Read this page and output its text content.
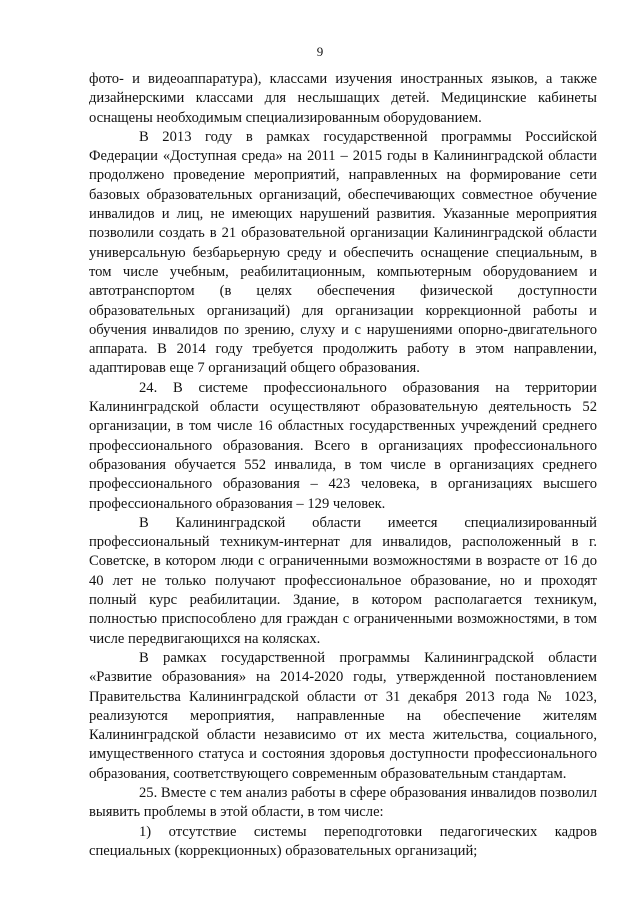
9

фото- и видеоаппаратура), классами изучения иностранных языков, а также дизайнерскими классами для неслышащих детей. Медицинские кабинеты оснащены необходимым специализированным оборудованием.

В 2013 году в рамках государственной программы Российской Федерации «Доступная среда» на 2011 – 2015 годы в Калининградской области продолжено проведение мероприятий, направленных на формирование сети базовых образовательных организаций, обеспечивающих совместное обучение инвалидов и лиц, не имеющих нарушений развития. Указанные мероприятия позволили создать в 21 образовательной организации Калининградской области универсальную безбарьерную среду и обеспечить оснащение специальным, в том числе учебным, реабилитационным, компьютерным оборудованием и автотранспортом (в целях обеспечения физической доступности образовательных организаций) для организации коррекционной работы и обучения инвалидов по зрению, слуху и с нарушениями опорно-двигательного аппарата. В 2014 году требуется продолжить работу в этом направлении, адаптировав еще 7 организаций общего образования.

24. В системе профессионального образования на территории Калининградской области осуществляют образовательную деятельность 52 организации, в том числе 16 областных государственных учреждений среднего профессионального образования. Всего в организациях профессионального образования обучается 552 инвалида, в том числе в организациях среднего профессионального образования – 423 человека, в организациях высшего профессионального образования – 129 человек.

В Калининградской области имеется специализированный профессиональный техникум-интернат для инвалидов, расположенный в г. Советске, в котором люди с ограниченными возможностями в возрасте от 16 до 40 лет не только получают профессиональное образование, но и проходят полный курс реабилитации. Здание, в котором располагается техникум, полностью приспособлено для граждан с ограниченными возможностями, в том числе передвигающихся на колясках.

В рамках государственной программы Калининградской области «Развитие образования» на 2014-2020 годы, утвержденной постановлением Правительства Калининградской области от 31 декабря 2013 года № 1023, реализуются мероприятия, направленные на обеспечение жителям Калининградской области независимо от их места жительства, социального, имущественного статуса и состояния здоровья доступности профессионального образования, соответствующего современным образовательным стандартам.

25. Вместе с тем анализ работы в сфере образования инвалидов позволил выявить проблемы в этой области, в том числе:

1) отсутствие системы переподготовки педагогических кадров специальных (коррекционных) образовательных организаций;
